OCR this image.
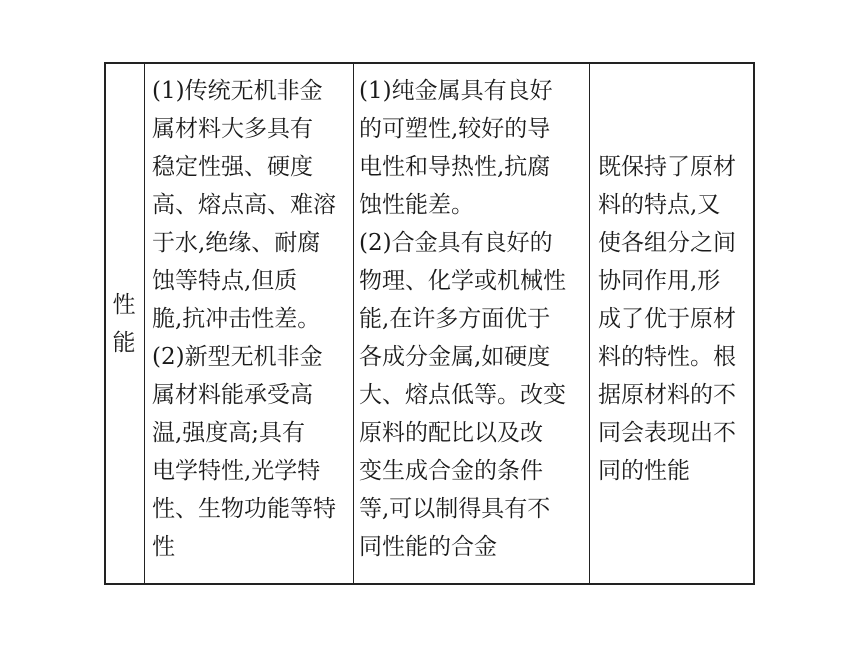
性
能
(1)传统无机非金
属材料大多具有
稳定性强、硬度
高、熔点高、难溶
于水,绝缘、耐腐
蚀等特点,但质
脆,抗冲击性差。
(2)新型无机非金
属材料能承受高
温,强度高;具有
电学特性,光学特
性、生物功能等特
性
(1)纯金属具有良好
的可塑性,较好的导
电性和导热性,抗腐
蚀性能差。
(2)合金具有良好的
物理、化学或机械性
能,在许多方面优于
各成分金属,如硬度
大、熔点低等。改变
原料的配比以及改
变生成合金的条件
等,可以制得具有不
同性能的合金
既保持了原材
料的特点,又
使各组分之间
协同作用,形
成了优于原材
料的特性。根
据原材料的不
同会表现出不
同的性能
